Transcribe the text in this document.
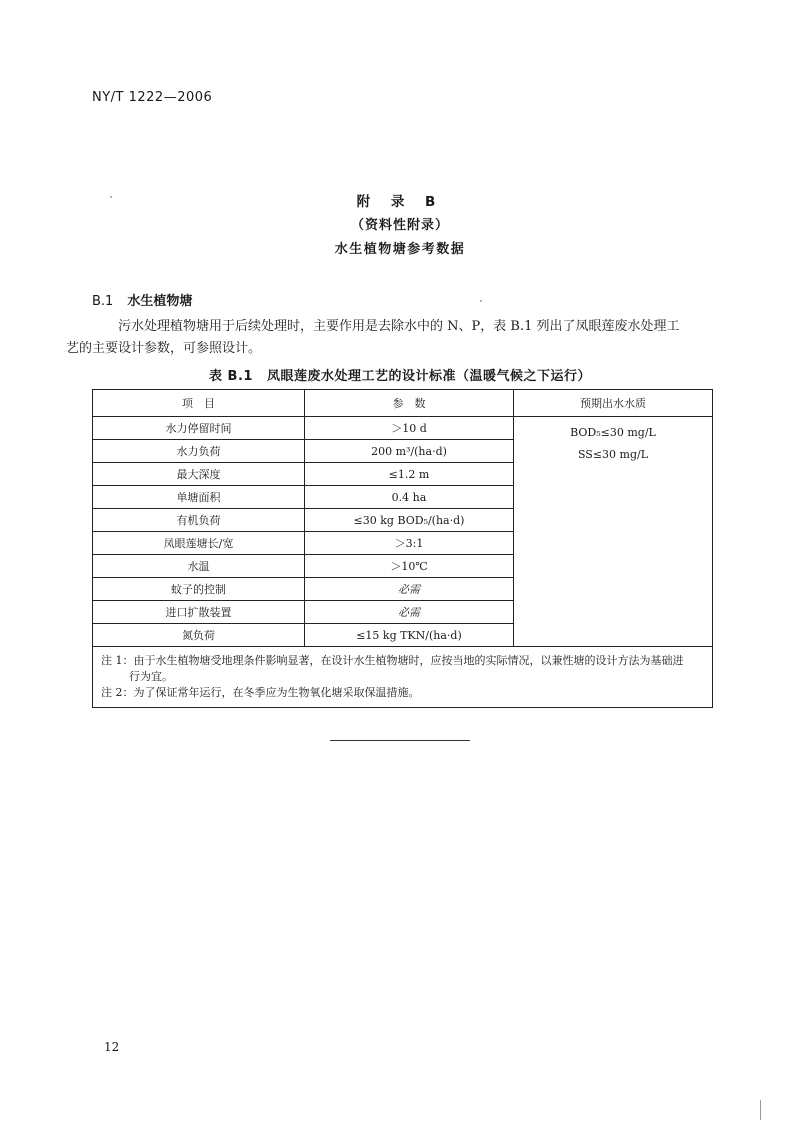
NY/T 1222—2006
附 录 B
（资料性附录）
水生植物塘参考数据
B.1 水生植物塘
污水处理植物塘用于后续处理时，主要作用是去除水中的 N、P，表 B.1 列出了凤眼莲废水处理工
艺的主要设计参数，可参照设计。
表 B.1 凤眼莲废水处理工艺的设计标准（温暖气候之下运行）
项　目	参　数	预期出水水质
水力停留时间	＞10 d	BOD₅≤30 mg/L
SS≤30 mg/L

水力负荷	200 m³/(ha·d)	
最大深度	≤1.2 m	
单塘面积	0.4 ha	
有机负荷	≤30 kg BOD₅/(ha·d)	
凤眼莲塘长/宽	＞3:1	
水温	＞10℃	
蚊子的控制	必需	
进口扩散装置	必需	
氮负荷	≤15 kg TKN/(ha·d)	

注 1：由于水生植物塘受地理条件影响显著，在设计水生植物塘时，应按当地的实际情况，以兼性塘的设计方法为基础进
行为宜。
注 2：为了保证常年运行，在冬季应为生物氧化塘采取保温措施。		
12
